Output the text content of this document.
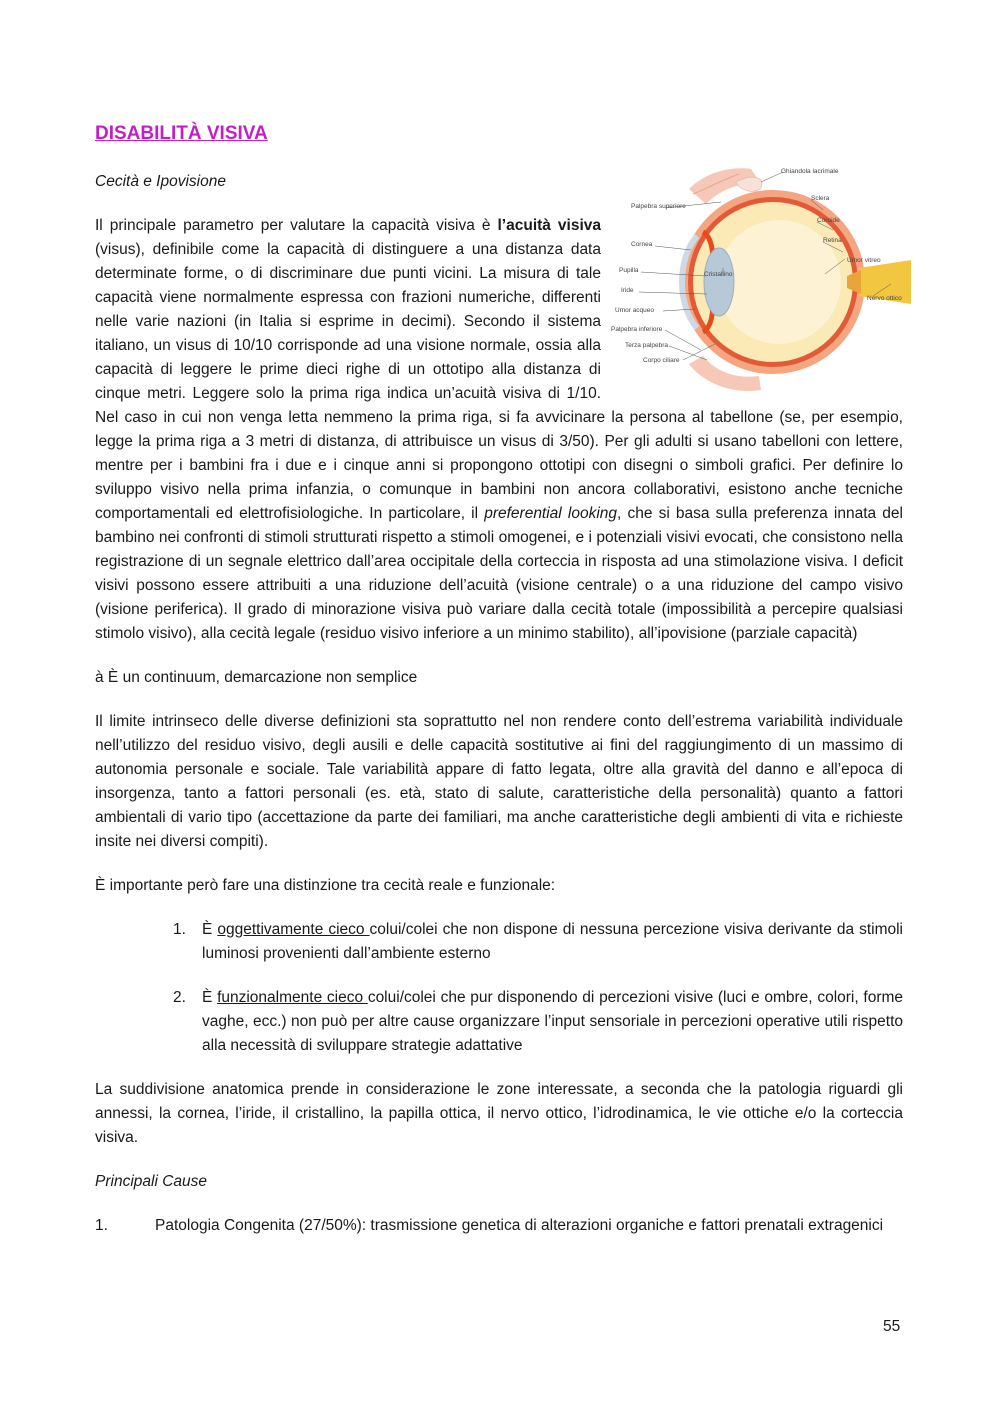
DISABILITÀ VISIVA
Cecità e Ipovisione
Ghiandola lacrimale
Palpebra superiore
Sclera
Coroide
Cornea
Retina
Umor vitreo
Pupilla
Cristallino
Iride
Nervo ottico
Umor acqueo
Palpebra inferiore
Terza palpebra
Corpo ciliare

Il principale parametro per valutare la capacità visiva è l’acuità visiva (visus), definibile come la capacità di distinguere a una distanza data determinate forme, o di discriminare due punti vicini. La misura di tale capacità viene normalmente espressa con frazioni numeriche, differenti nelle varie nazioni (in Italia si esprime in decimi). Secondo il sistema italiano, un visus di 10/10 corrisponde ad una visione normale, ossia alla capacità di leggere le prime dieci righe di un ottotipo alla distanza di cinque metri. Leggere solo la prima riga indica un’acuità visiva di 1/10. Nel caso in cui non venga letta nemmeno la prima riga, si fa avvicinare la persona al tabellone (se, per esempio, legge la prima riga a 3 metri di distanza, di attribuisce un visus di 3/50). Per gli adulti si usano tabelloni con lettere, mentre per i bambini fra i due e i cinque anni si propongono ottotipi con disegni o simboli grafici. Per definire lo sviluppo visivo nella prima infanzia, o comunque in bambini non ancora collaborativi, esistono anche tecniche comportamentali ed elettrofisiologiche. In particolare, il preferential looking, che si basa sulla preferenza innata del bambino nei confronti di stimoli strutturati rispetto a stimoli omogenei, e i potenziali visivi evocati, che consistono nella registrazione di un segnale elettrico dall’area occipitale della corteccia in risposta ad una stimolazione visiva. I deficit visivi possono essere attribuiti a una riduzione dell’acuità (visione centrale) o a una riduzione del campo visivo (visione periferica). Il grado di minorazione visiva può variare dalla cecità totale (impossibilità a percepire qualsiasi stimolo visivo), alla cecità legale (residuo visivo inferiore a un minimo stabilito), all’ipovisione (parziale capacità)

à È un continuum, demarcazione non semplice

Il limite intrinseco delle diverse definizioni sta soprattutto nel non rendere conto dell’estrema variabilità individuale nell’utilizzo del residuo visivo, degli ausili e delle capacità sostitutive ai fini del raggiungimento di un massimo di autonomia personale e sociale. Tale variabilità appare di fatto legata, oltre alla gravità del danno e all’epoca di insorgenza, tanto a fattori personali (es. età, stato di salute, caratteristiche della personalità) quanto a fattori ambientali di vario tipo (accettazione da parte dei familiari, ma anche caratteristiche degli ambienti di vita e richieste insite nei diversi compiti).

È importante però fare una distinzione tra cecità reale e funzionale:

1. È oggettivamente cieco colui/colei che non dispone di nessuna percezione visiva derivante da stimoli luminosi provenienti dall’ambiente esterno
2. È funzionalmente cieco colui/colei che pur disponendo di percezioni visive (luci e ombre, colori, forme vaghe, ecc.) non può per altre cause organizzare l’input sensoriale in percezioni operative utili rispetto alla necessità di sviluppare strategie adattative

La suddivisione anatomica prende in considerazione le zone interessate, a seconda che la patologia riguardi gli annessi, la cornea, l’iride, il cristallino, la papilla ottica, il nervo ottico, l’idrodinamica, le vie ottiche e/o la corteccia visiva.

Principali Cause

1.	Patologia Congenita (27/50%): trasmissione genetica di alterazioni organiche e fattori prenatali extragenici
55
